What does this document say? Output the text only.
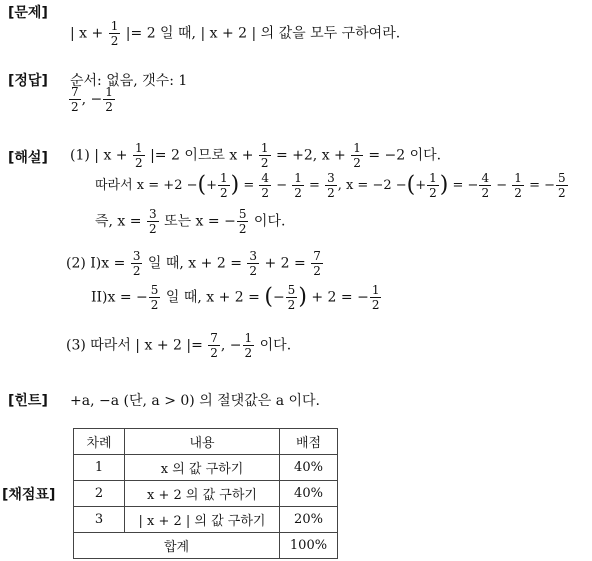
[문제]
| $x + \frac{1}{2}$ |= 2 일 때, | x + 2 | 의 값을 모두 구하여라.
[정답] 순서: 없음, 갯수: 1
$\frac{7}{2}$ , − $\frac{1}{2}$
[해설] (1) | $x + \frac{1}{2}$ |= 2 이므로 $x + \frac{1}{2} = +2$, $x + \frac{1}{2} = -2$ 이다.
따라서 x = +2 −(+ $\frac{1}{2}$ ) = $\frac{4}{2} - \frac{1}{2} = \frac{3}{2}$ , x = −2 −(+ $\frac{1}{2}$ ) = − $\frac{4}{2} - \frac{1}{2}$ = − $\frac{5}{2}$
즉, $x = \frac{3}{2}$ 또는 x = − $\frac{5}{2}$ 이다.
(2) $I)x = \frac{3}{2}$ 일 때, $x + 2 = \frac{3}{2} + 2 = \frac{7}{2}$
II)x = − $\frac{5}{2}$ 일 때, x + 2 = (− $\frac{5}{2}$ ) + 2 = − $\frac{1}{2}$
(3) 따라서 | x + 2 |= $\frac{7}{2}$ , − $\frac{1}{2}$ 이다.
[힌트] +a, −a (단, a > 0) 의 절댓값은 a 이다.
[채점표]
차례	내용	배점
1	x 의 값 구하기	40%
2	x + 2 의 값 구하기	40%
3	| x + 2 | 의 값 구하기	20%
합계		100%
